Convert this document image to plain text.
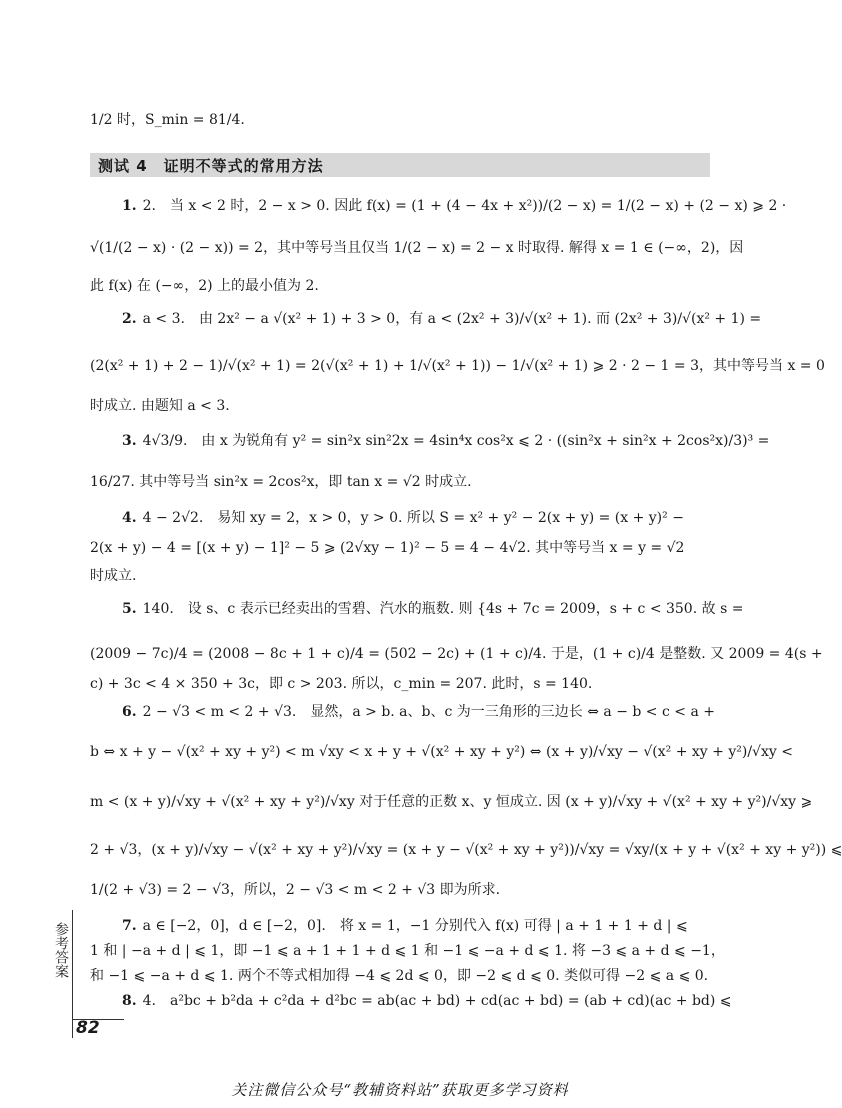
1/2 时，S_min = 81/4.
测试 4　证明不等式的常用方法
1. 2.　当 x < 2 时，2 − x > 0. 因此 f(x) = (1 + (4 − 4x + x²))/(2 − x) = 1/(2 − x) + (2 − x) ⩾ 2 ·
√(1/(2 − x) · (2 − x)) = 2，其中等号当且仅当 1/(2 − x) = 2 − x 时取得. 解得 x = 1 ∈ (−∞，2)，因
此 f(x) 在 (−∞，2) 上的最小值为 2.
2. a < 3.　由 2x² − a √(x² + 1) + 3 > 0，有 a < (2x² + 3)/√(x² + 1). 而 (2x² + 3)/√(x² + 1) =
(2(x² + 1) + 2 − 1)/√(x² + 1) = 2(√(x² + 1) + 1/√(x² + 1)) − 1/√(x² + 1) ⩾ 2 · 2 − 1 = 3，其中等号当 x = 0
时成立. 由题知 a < 3.
3. 4√3/9.　由 x 为锐角有 y² = sin²x sin²2x = 4sin⁴x cos²x ⩽ 2 · ((sin²x + sin²x + 2cos²x)/3)³ =
16/27. 其中等号当 sin²x = 2cos²x，即 tan x = √2 时成立.
4. 4 − 2√2.　易知 xy = 2，x > 0，y > 0. 所以 S = x² + y² − 2(x + y) = (x + y)² −
2(x + y) − 4 = [(x + y) − 1]² − 5 ⩾ (2√xy − 1)² − 5 = 4 − 4√2. 其中等号当 x = y = √2
时成立.
5. 140.　设 s、c 表示已经卖出的雪碧、汽水的瓶数. 则 {4s + 7c = 2009，s + c < 350. 故 s =
(2009 − 7c)/4 = (2008 − 8c + 1 + c)/4 = (502 − 2c) + (1 + c)/4. 于是，(1 + c)/4 是整数. 又 2009 = 4(s +
c) + 3c < 4 × 350 + 3c，即 c > 203. 所以，c_min = 207. 此时，s = 140.
6. 2 − √3 < m < 2 + √3.　显然，a > b. a、b、c 为一三角形的三边长 ⇔ a − b < c < a +
b ⇔ x + y − √(x² + xy + y²) < m √xy < x + y + √(x² + xy + y²) ⇔ (x + y)/√xy − √(x² + xy + y²)/√xy <
m < (x + y)/√xy + √(x² + xy + y²)/√xy 对于任意的正数 x、y 恒成立. 因 (x + y)/√xy + √(x² + xy + y²)/√xy ⩾
2 + √3，(x + y)/√xy − √(x² + xy + y²)/√xy = (x + y − √(x² + xy + y²))/√xy = √xy/(x + y + √(x² + xy + y²)) ⩽
1/(2 + √3) = 2 − √3，所以，2 − √3 < m < 2 + √3 即为所求.
7. a ∈ [−2，0]，d ∈ [−2，0].　将 x = 1，−1 分别代入 f(x) 可得 | a + 1 + 1 + d | ⩽
1 和 | −a + d | ⩽ 1，即 −1 ⩽ a + 1 + 1 + d ⩽ 1 和 −1 ⩽ −a + d ⩽ 1. 将 −3 ⩽ a + d ⩽ −1，
和 −1 ⩽ −a + d ⩽ 1. 两个不等式相加得 −4 ⩽ 2d ⩽ 0，即 −2 ⩽ d ⩽ 0. 类似可得 −2 ⩽ a ⩽ 0.
8. 4.　a²bc + b²da + c²da + d²bc = ab(ac + bd) + cd(ac + bd) = (ab + cd)(ac + bd) ⩽
参考答案
82
关注微信公众号“教辅资料站”获取更多学习资料
